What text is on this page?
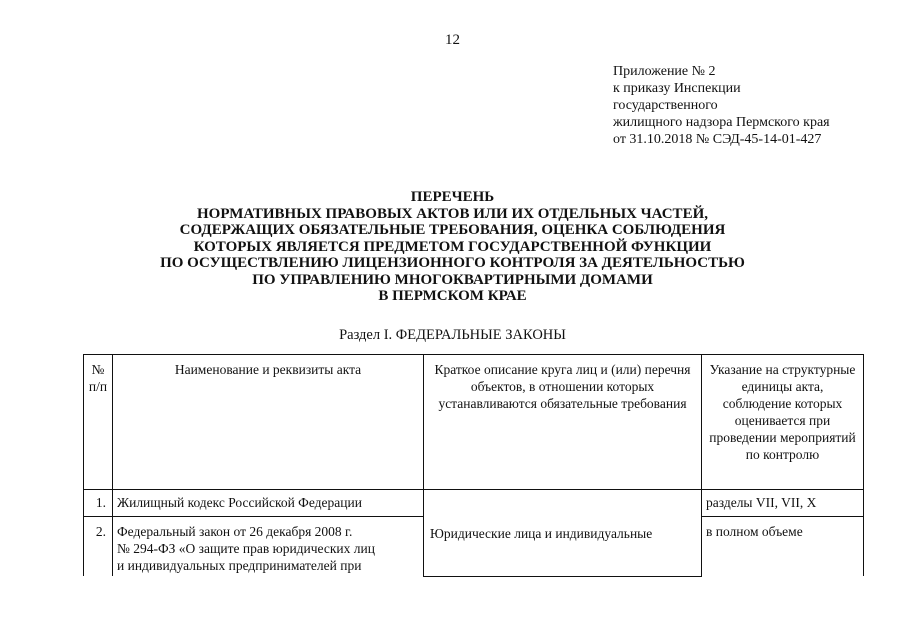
12
Приложение № 2
к приказу Инспекции
государственного
жилищного надзора Пермского края
от 31.10.2018 № СЭД-45-14-01-427
ПЕРЕЧЕНЬ
НОРМАТИВНЫХ ПРАВОВЫХ АКТОВ ИЛИ ИХ ОТДЕЛЬНЫХ ЧАСТЕЙ,
СОДЕРЖАЩИХ ОБЯЗАТЕЛЬНЫЕ ТРЕБОВАНИЯ, ОЦЕНКА СОБЛЮДЕНИЯ
КОТОРЫХ ЯВЛЯЕТСЯ ПРЕДМЕТОМ ГОСУДАРСТВЕННОЙ ФУНКЦИИ
ПО ОСУЩЕСТВЛЕНИЮ ЛИЦЕНЗИОННОГО КОНТРОЛЯ ЗА ДЕЯТЕЛЬНОСТЬЮ
ПО УПРАВЛЕНИЮ МНОГОКВАРТИРНЫМИ ДОМАМИ
В ПЕРМСКОМ КРАЕ
Раздел I. ФЕДЕРАЛЬНЫЕ ЗАКОНЫ
№
п/п	Наименование и реквизиты акта	Краткое описание круга лиц и (или) перечня объектов, в отношении которых устанавливаются обязательные требования	Указание на структурные единицы акта, соблюдение которых оценивается при проведении мероприятий по контролю
1.	Жилищный кодекс Российской Федерации	Юридические лица и индивидуальные	разделы VII, VII, X
2.	Федеральный закон от 26 декабря 2008 г.
№ 294-ФЗ «О защите прав юридических лиц
и индивидуальных предпринимателей при		в полном объеме
